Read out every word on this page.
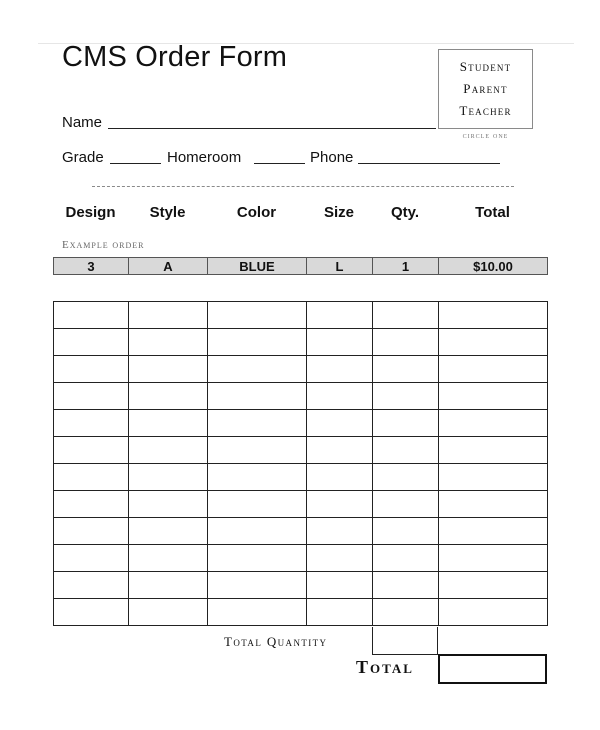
CMS Order Form	Student
Parent
Teacher
circle one
Name
Grade	Homeroom	Phone
Design	Style	Color	Size	Qty.	Total
Example order
3	A	BLUE	L	1	$10.00

Total Quantity
Total
